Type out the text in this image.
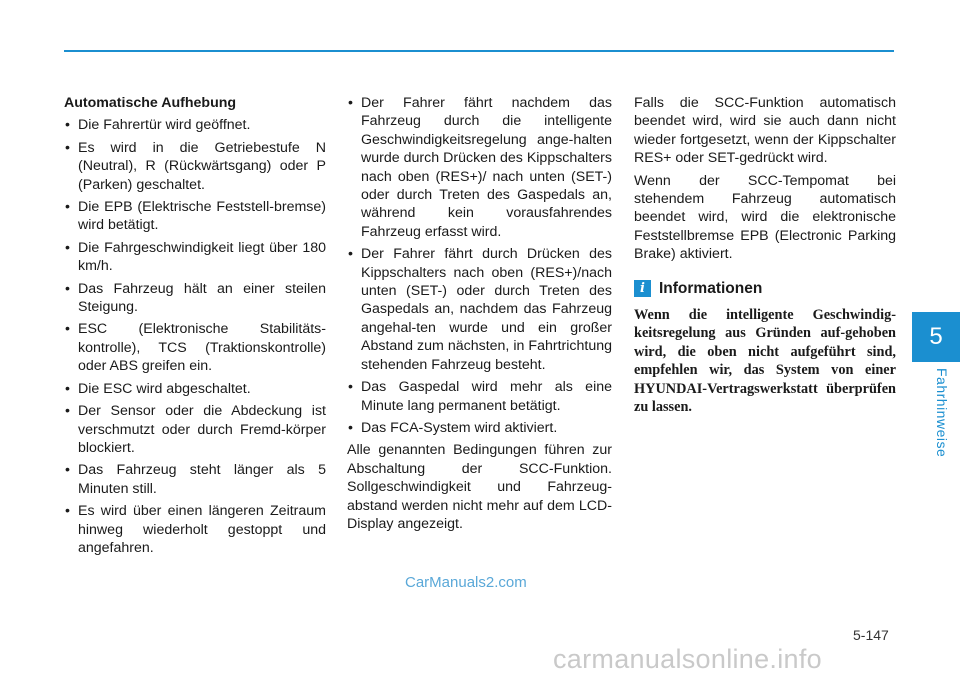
5
Fahrhinweise
Automatische Aufhebung
• Die Fahrertür wird geöffnet.
• Es wird in die Getriebestufe N (Neutral), R (Rückwärtsgang) oder P (Parken) geschaltet.
• Die EPB (Elektrische Feststell-bremse) wird betätigt.
• Die Fahrgeschwindigkeit liegt über 180 km/h.
• Das Fahrzeug hält an einer steilen Steigung.
• ESC (Elektronische Stabilitäts-kontrolle), TCS (Traktionskontrolle) oder ABS greifen ein.
• Die ESC wird abgeschaltet.
• Der Sensor oder die Abdeckung ist verschmutzt oder durch Fremd-körper blockiert.
• Das Fahrzeug steht länger als 5 Minuten still.
• Es wird über einen längeren Zeitraum hinweg wiederholt gestoppt und angefahren.
• Der Fahrer fährt nachdem das Fahrzeug durch die intelligente Geschwindigkeitsregelung ange-halten wurde durch Drücken des Kippschalters nach oben (RES+)/ nach unten (SET-) oder durch Treten des Gaspedals an, während kein vorausfahrendes Fahrzeug erfasst wird.
• Der Fahrer fährt durch Drücken des Kippschalters nach oben (RES+)/nach unten (SET-) oder durch Treten des Gaspedals an, nachdem das Fahrzeug angehal-ten wurde und ein großer Abstand zum nächsten, in Fahrtrichtung stehenden Fahrzeug besteht.
• Das Gaspedal wird mehr als eine Minute lang permanent betätigt.
• Das FCA-System wird aktiviert.

Alle genannten Bedingungen führen zur Abschaltung der SCC-Funktion. Sollgeschwindigkeit und Fahrzeug-abstand werden nicht mehr auf dem LCD-Display angezeigt.

Falls die SCC-Funktion automatisch beendet wird, wird sie auch dann nicht wieder fortgesetzt, wenn der Kippschalter RES+ oder SET-gedrückt wird.

Wenn der SCC-Tempomat bei stehendem Fahrzeug automatisch beendet wird, wird die elektronische Feststellbremse EPB (Electronic Parking Brake) aktiviert.

i Informationen

Wenn die intelligente Geschwindig-keitsregelung aus Gründen auf-gehoben wird, die oben nicht aufgeführt sind, empfehlen wir, das System von einer HYUNDAI-Vertragswerkstatt überprüfen zu lassen.

CarManuals2.com
5-147
carmanualsonline.info
